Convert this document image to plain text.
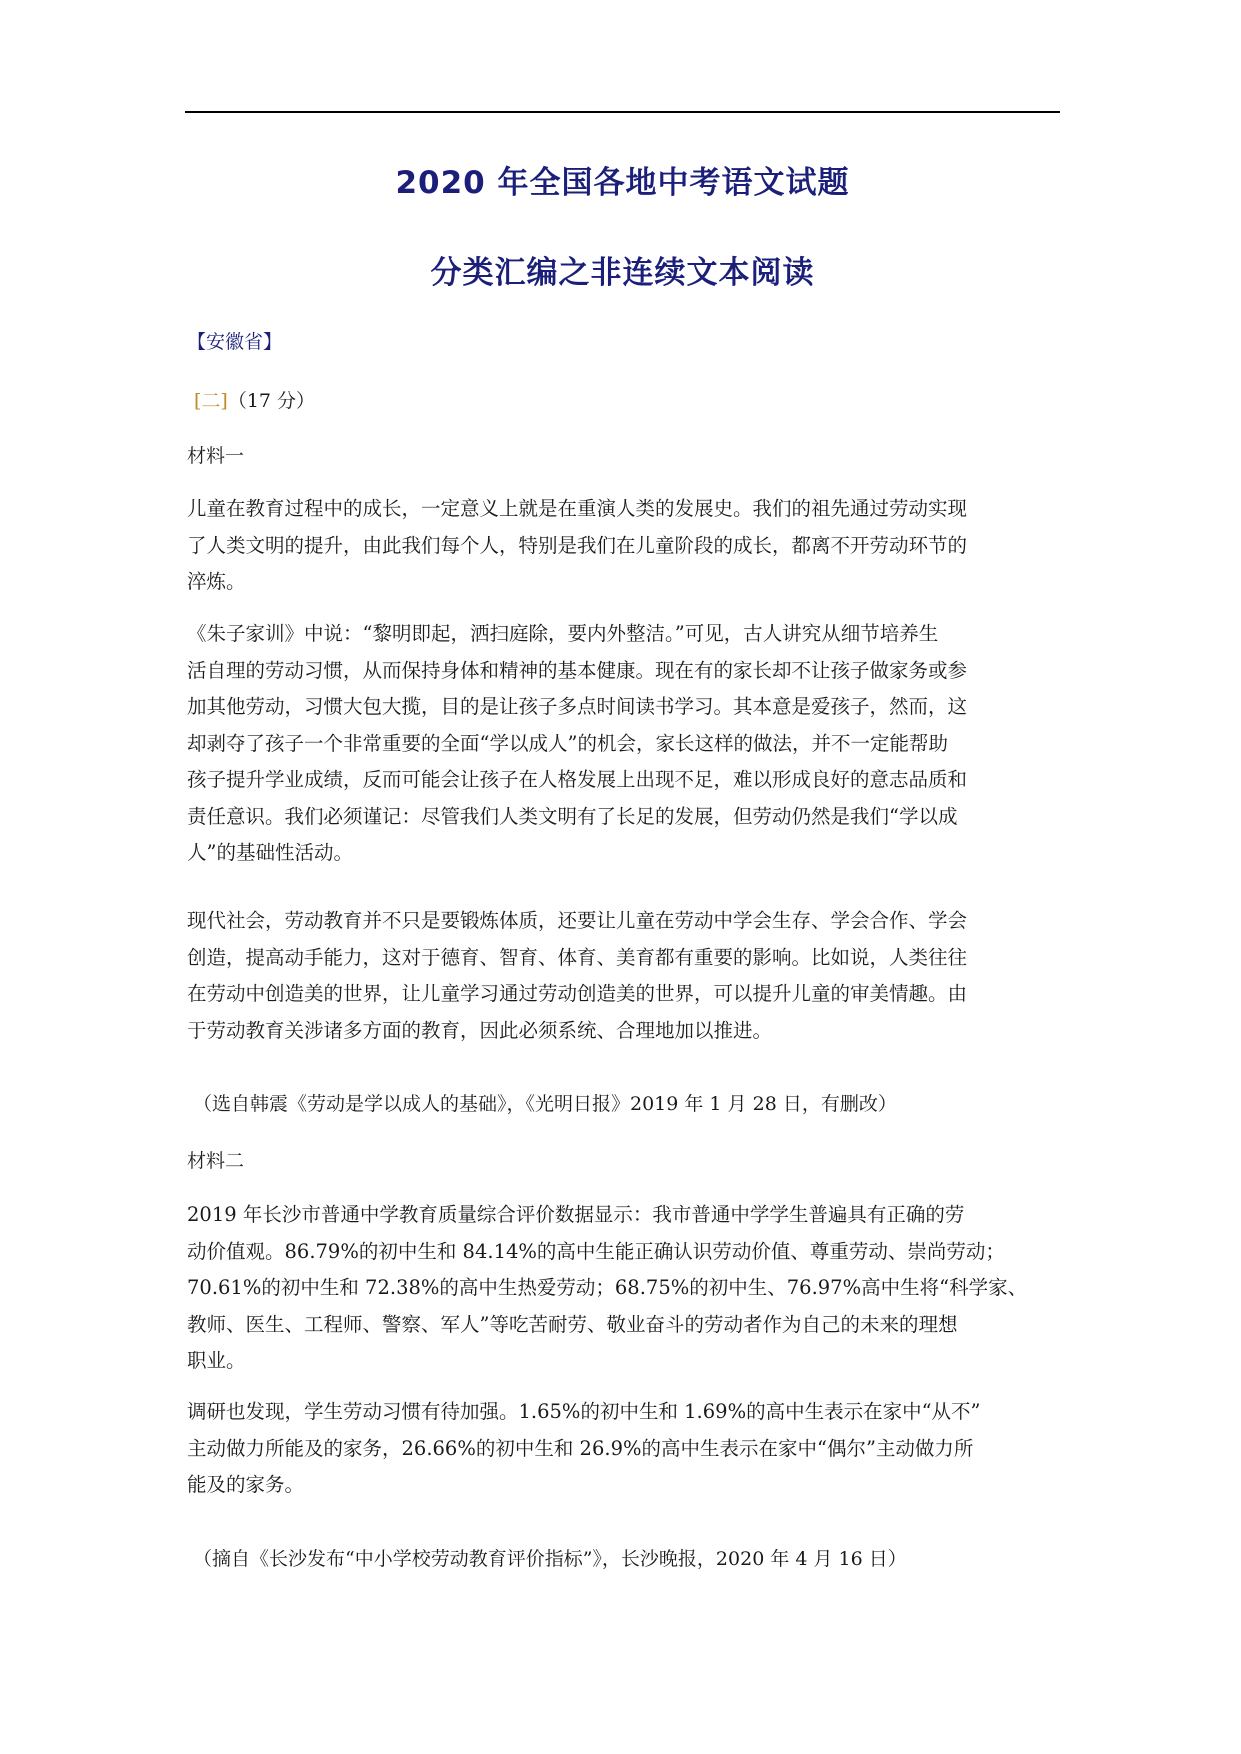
2020 年全国各地中考语文试题
分类汇编之非连续文本阅读
【安徽省】
[二]（17 分）
材料一
儿童在教育过程中的成长，一定意义上就是在重演人类的发展史。我们的祖先通过劳动实现
了人类文明的提升，由此我们每个人，特别是我们在儿童阶段的成长，都离不开劳动环节的
淬炼。
《朱子家训》中说：“黎明即起，洒扫庭除，要内外整洁。”可见，古人讲究从细节培养生
活自理的劳动习惯，从而保持身体和精神的基本健康。现在有的家长却不让孩子做家务或参
加其他劳动，习惯大包大揽，目的是让孩子多点时间读书学习。其本意是爱孩子，然而，这
却剥夺了孩子一个非常重要的全面“学以成人”的机会，家长这样的做法，并不一定能帮助
孩子提升学业成绩，反而可能会让孩子在人格发展上出现不足，难以形成良好的意志品质和
责任意识。我们必须谨记：尽管我们人类文明有了长足的发展，但劳动仍然是我们“学以成
人”的基础性活动。
现代社会，劳动教育并不只是要锻炼体质，还要让儿童在劳动中学会生存、学会合作、学会
创造，提高动手能力，这对于德育、智育、体育、美育都有重要的影响。比如说，人类往往
在劳动中创造美的世界，让儿童学习通过劳动创造美的世界，可以提升儿童的审美情趣。由
于劳动教育关涉诸多方面的教育，因此必须系统、合理地加以推进。
（选自韩震《劳动是学以成人的基础》，《光明日报》2019 年 1 月 28 日，有删改）
材料二
2019 年长沙市普通中学教育质量综合评价数据显示：我市普通中学学生普遍具有正确的劳
动价值观。86.79%的初中生和 84.14%的高中生能正确认识劳动价值、尊重劳动、崇尚劳动；
70.61%的初中生和 72.38%的高中生热爱劳动；68.75%的初中生、76.97%高中生将“科学家、
教师、医生、工程师、警察、军人”等吃苦耐劳、敬业奋斗的劳动者作为自己的未来的理想
职业。
调研也发现，学生劳动习惯有待加强。1.65%的初中生和 1.69%的高中生表示在家中“从不”
主动做力所能及的家务，26.66%的初中生和 26.9%的高中生表示在家中“偶尔”主动做力所
能及的家务。
（摘自《长沙发布“中小学校劳动教育评价指标”》，长沙晚报，2020 年 4 月 16 日）
